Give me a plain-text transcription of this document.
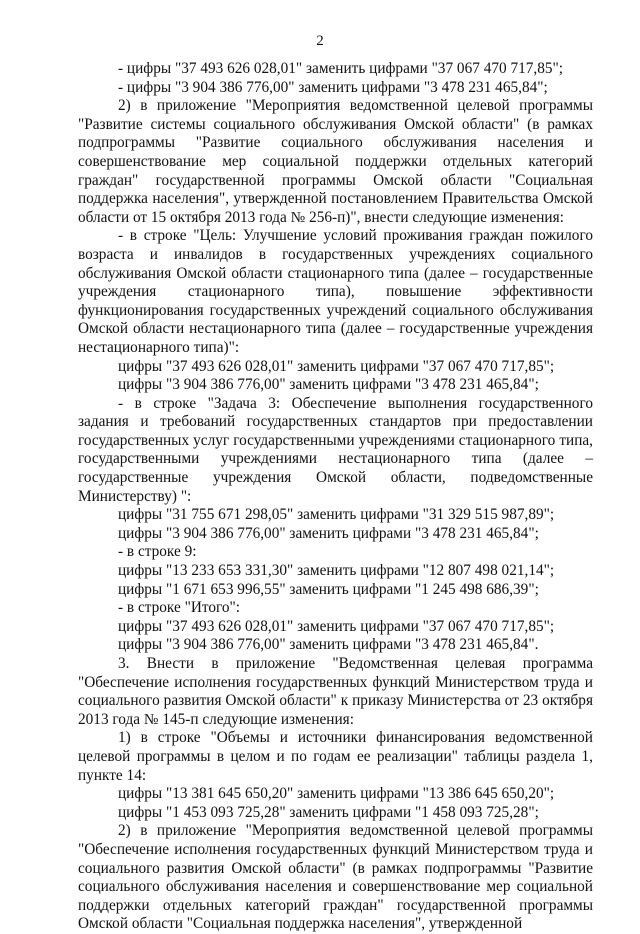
2

- цифры "37 493 626 028,01" заменить цифрами "37 067 470 717,85";

- цифры "3 904 386 776,00" заменить цифрами "3 478 231 465,84";

2) в приложение "Мероприятия ведомственной целевой программы "Развитие системы социального обслуживания Омской области" (в рамках подпрограммы "Развитие социального обслуживания населения и совершенствование мер социальной поддержки отдельных категорий граждан" государственной программы Омской области "Социальная поддержка населения", утвержденной постановлением Правительства Омской области от 15 октября 2013 года № 256-п)", внести следующие изменения:

- в строке "Цель: Улучшение условий проживания граждан пожилого возраста и инвалидов в государственных учреждениях социального обслуживания Омской области стационарного типа (далее – государственные учреждения стационарного типа), повышение эффективности функционирования государственных учреждений социального обслуживания Омской области нестационарного типа (далее – государственные учреждения нестационарного типа)":

цифры "37 493 626 028,01" заменить цифрами "37 067 470 717,85";

цифры "3 904 386 776,00" заменить цифрами "3 478 231 465,84";

- в строке "Задача 3: Обеспечение выполнения государственного задания и требований государственных стандартов при предоставлении государственных услуг государственными учреждениями стационарного типа, государственными учреждениями нестационарного типа (далее – государственные учреждения Омской области, подведомственные Министерству) ":

цифры "31 755 671 298,05" заменить цифрами "31 329 515 987,89";

цифры "3 904 386 776,00" заменить цифрами "3 478 231 465,84";

- в строке 9:

цифры "13 233 653 331,30" заменить цифрами "12 807 498 021,14";

цифры "1 671 653 996,55" заменить цифрами "1 245 498 686,39";

- в строке "Итого":

цифры "37 493 626 028,01" заменить цифрами "37 067 470 717,85";

цифры "3 904 386 776,00" заменить цифрами "3 478 231 465,84".

3. Внести в приложение "Ведомственная целевая программа "Обеспечение исполнения государственных функций Министерством труда и социального развития Омской области" к приказу Министерства от 23 октября 2013 года № 145-п следующие изменения:

1) в строке "Объемы и источники финансирования ведомственной целевой программы в целом и по годам ее реализации" таблицы раздела 1, пункте 14:

цифры "13 381 645 650,20" заменить цифрами "13 386 645 650,20";

цифры "1 453 093 725,28" заменить цифрами "1 458 093 725,28";

2) в приложение "Мероприятия ведомственной целевой программы "Обеспечение исполнения государственных функций Министерством труда и социального развития Омской области" (в рамках подпрограммы "Развитие социального обслуживания населения и совершенствование мер социальной поддержки отдельных категорий граждан" государственной программы Омской области "Социальная поддержка населения", утвержденной
